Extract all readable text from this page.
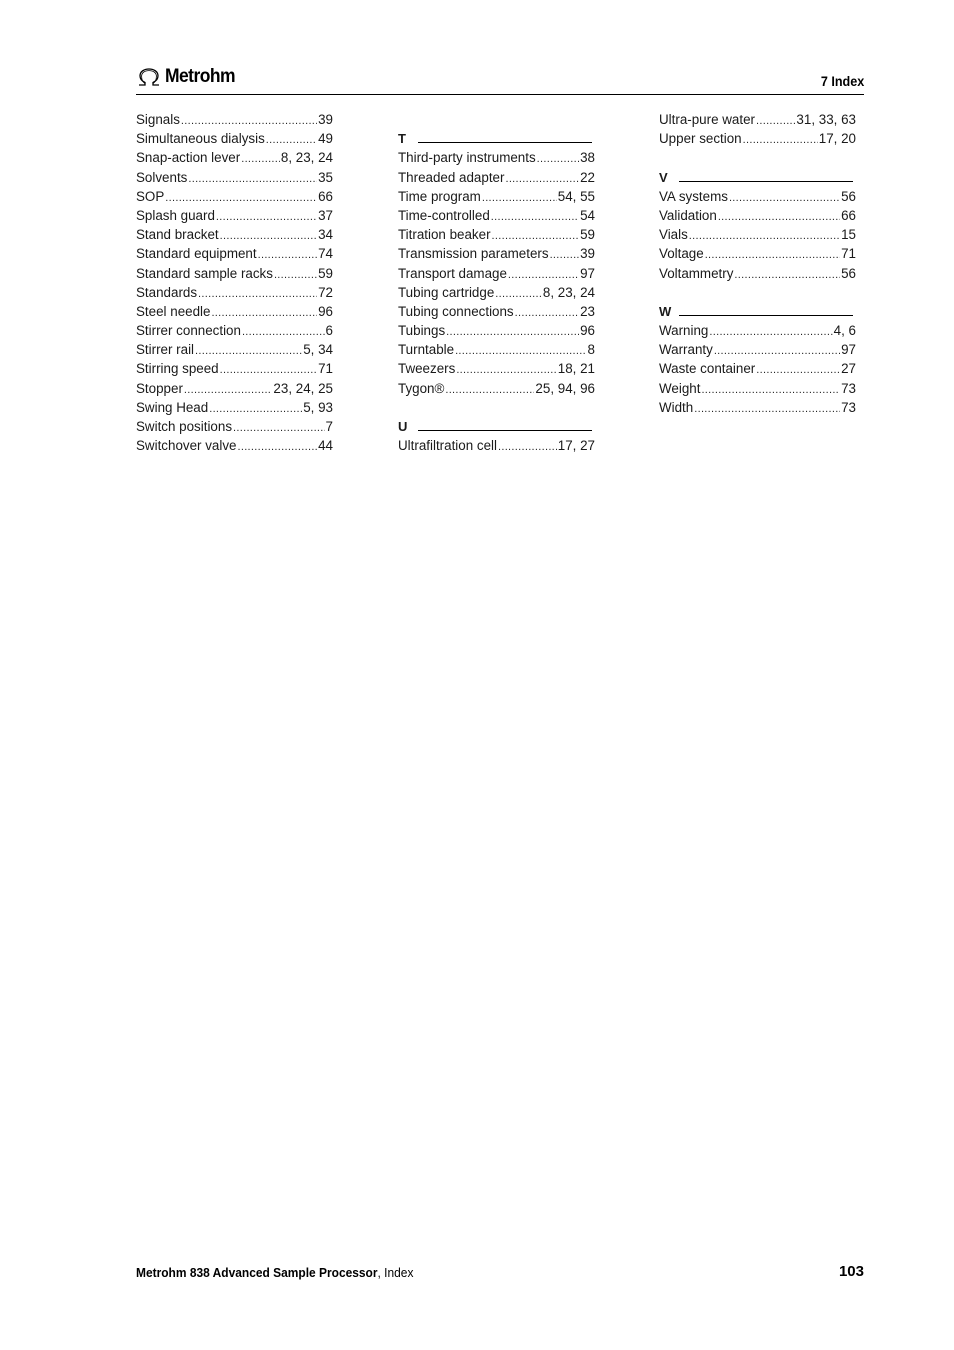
Metrohm	7 Index
Signals .....	39
Simultaneous dialysis .....	49
Snap-action lever .....	8, 23, 24
Solvents .....	35
SOP .....	66
Splash guard .....	37
Stand bracket .....	34
Standard equipment .....	74
Standard sample racks .....	59
Standards .....	72
Steel needle .....	96
Stirrer connection .....	6
Stirrer rail .....	5, 34
Stirring speed .....	71
Stopper .....	23, 24, 25
Swing Head .....	5, 93
Switch positions .....	7
Switchover valve .....	44
T
Third-party instruments .....	38
Threaded adapter .....	22
Time program .....	54, 55
Time-controlled .....	54
Titration beaker .....	59
Transmission parameters ..... 39
Transport damage .....	97
Tubing cartridge .....	8, 23, 24
Tubing connections .....	23
Tubings .....	96
Turntable .....	8
Tweezers .....	18, 21
Tygon® .....	25, 94, 96
U
Ultrafiltration cell .....	17, 27
Ultra-pure water .....	31, 33, 63
Upper section .....	17, 20
V
VA systems .....	56
Validation .....	66
Vials .....	15
Voltage .....	71
Voltammetry .....	56
W
Warning .....	4, 6
Warranty .....	97
Waste container .....	27
Weight .....	73
Width .....	73
Metrohm 838 Advanced Sample Processor, Index	103
